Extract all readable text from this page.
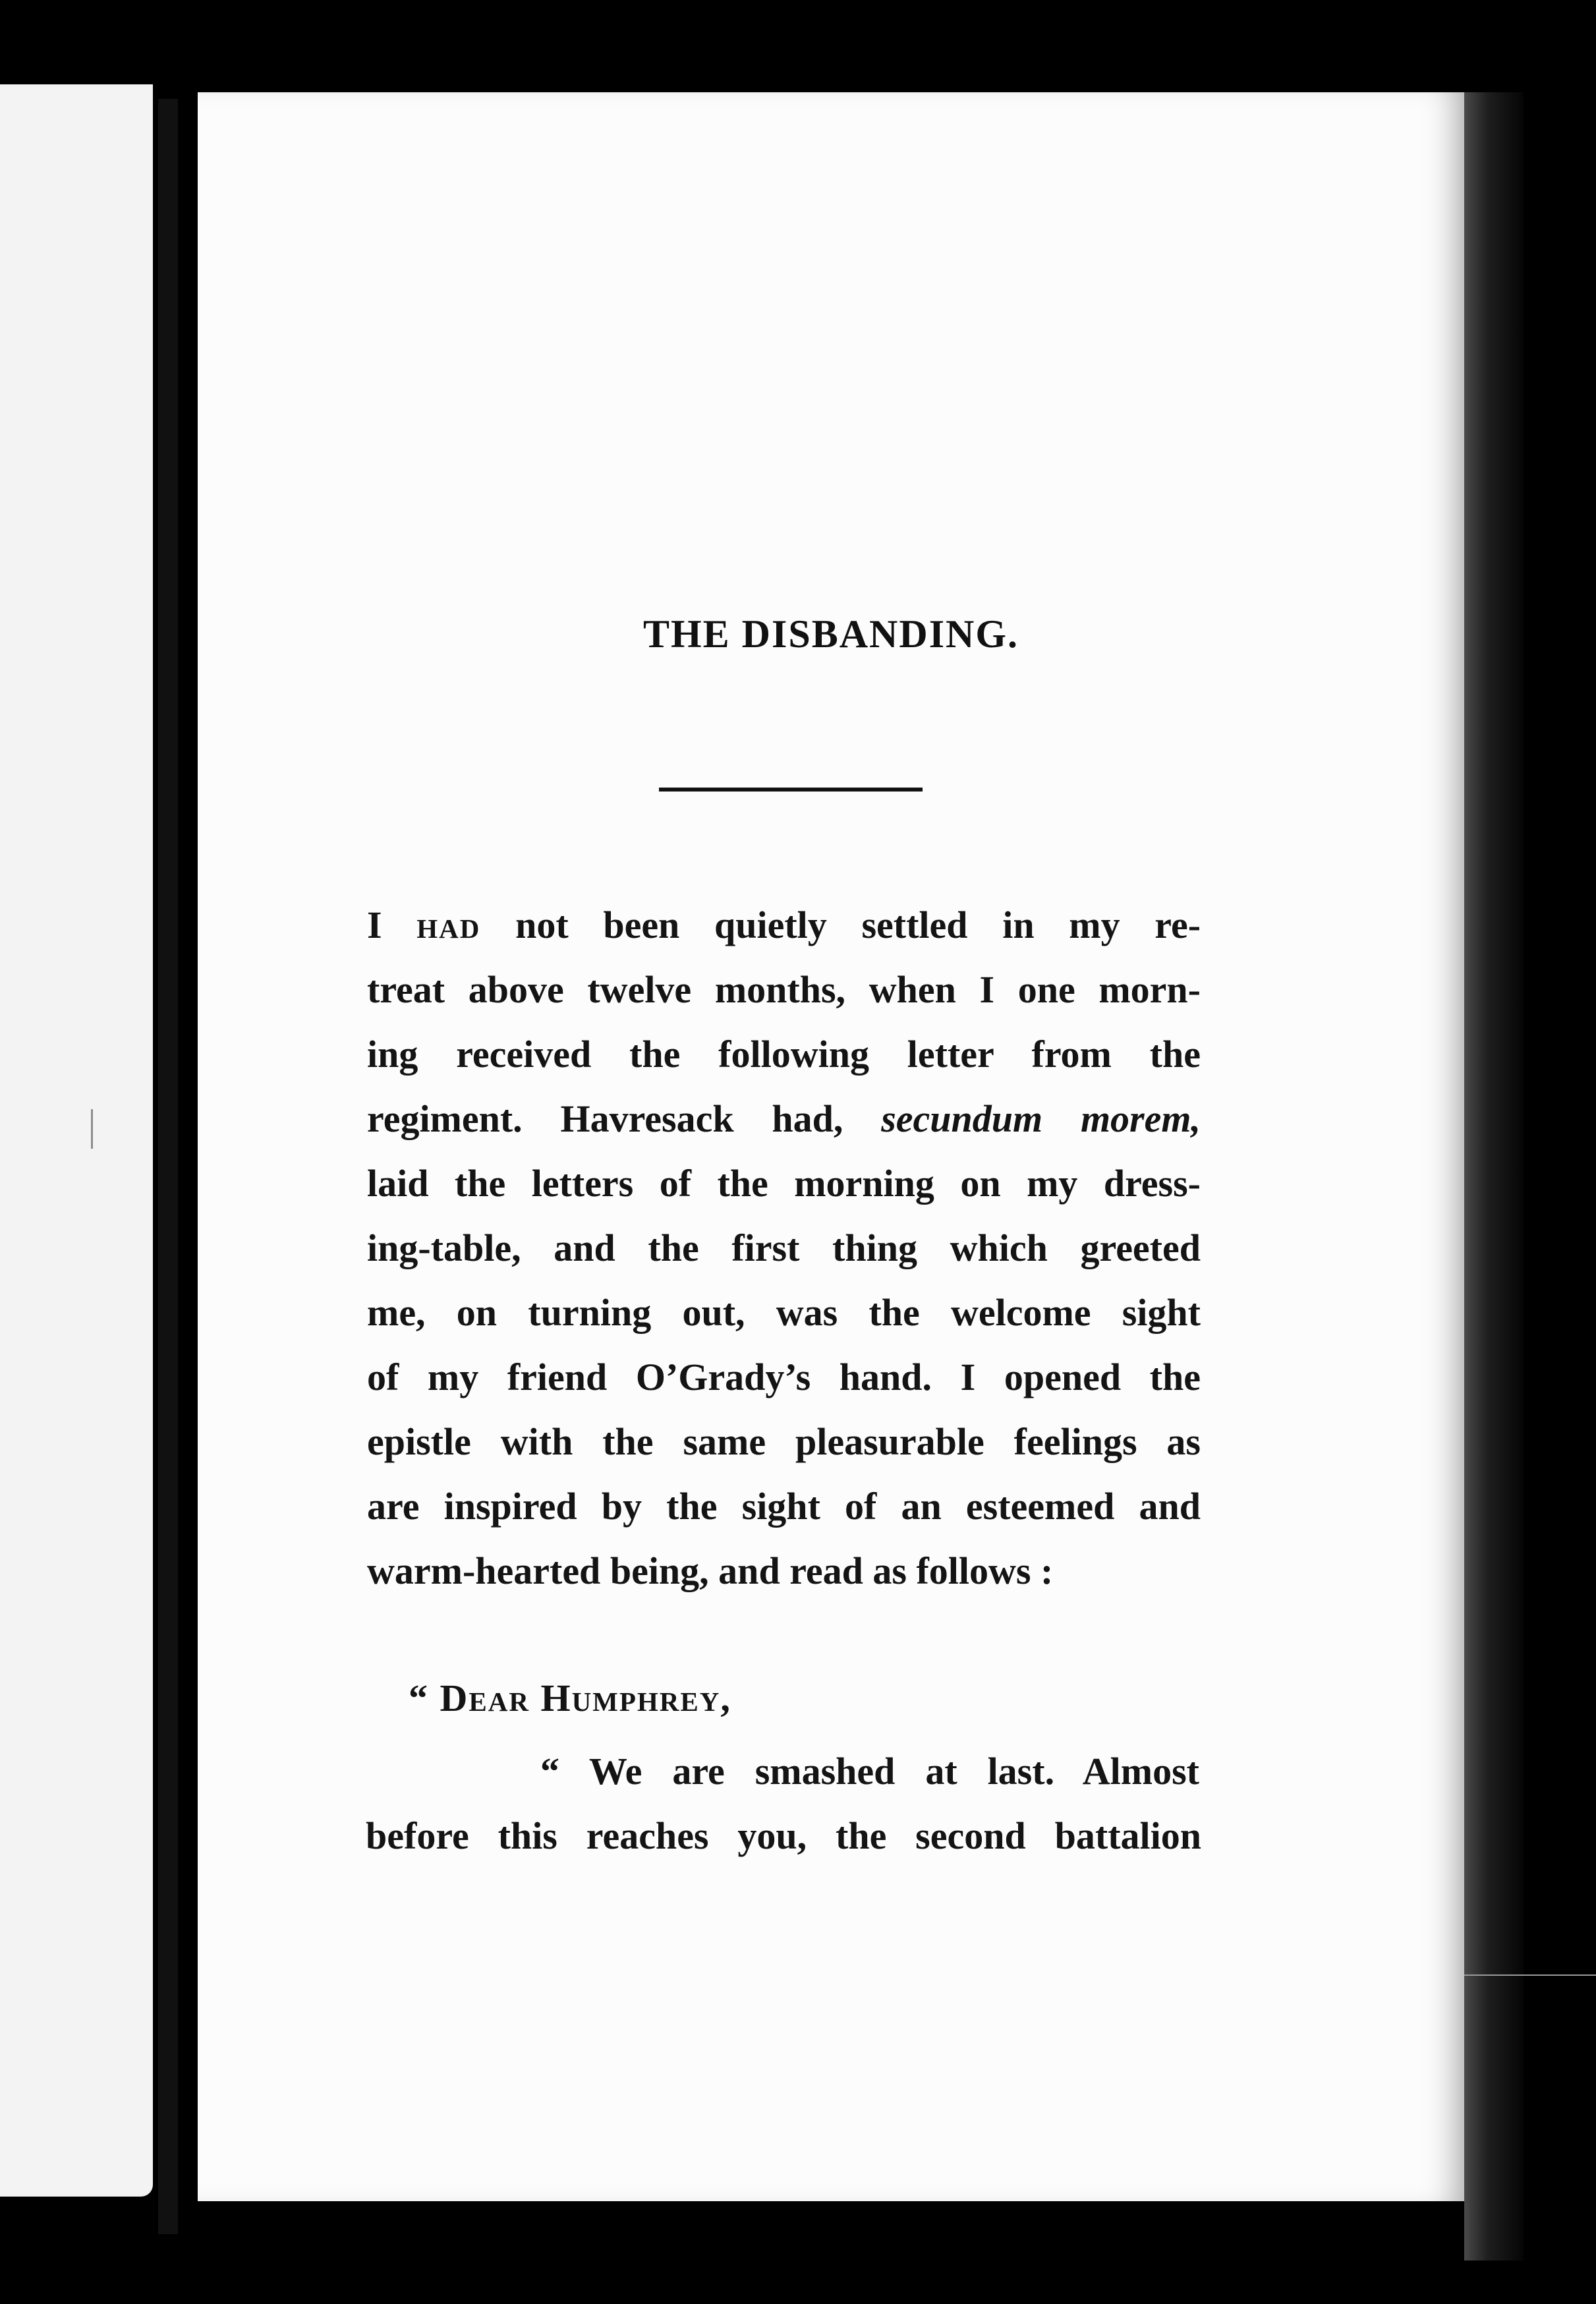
THE DISBANDING.

I had not been quietly settled in my re-
treat above twelve months, when I one morn-
ing received the following letter from the
regiment. Havresack had, secundum morem,
laid the letters of the morning on my dress-
ing-table, and the first thing which greeted
me, on turning out, was the welcome sight
of my friend O’Grady’s hand. I opened the
epistle with the same pleasurable feelings as
are inspired by the sight of an esteemed and
warm-hearted being, and read as follows :

“ Dear Humphrey,

“ We are smashed at last. Almost

before this reaches you, the second battalion
